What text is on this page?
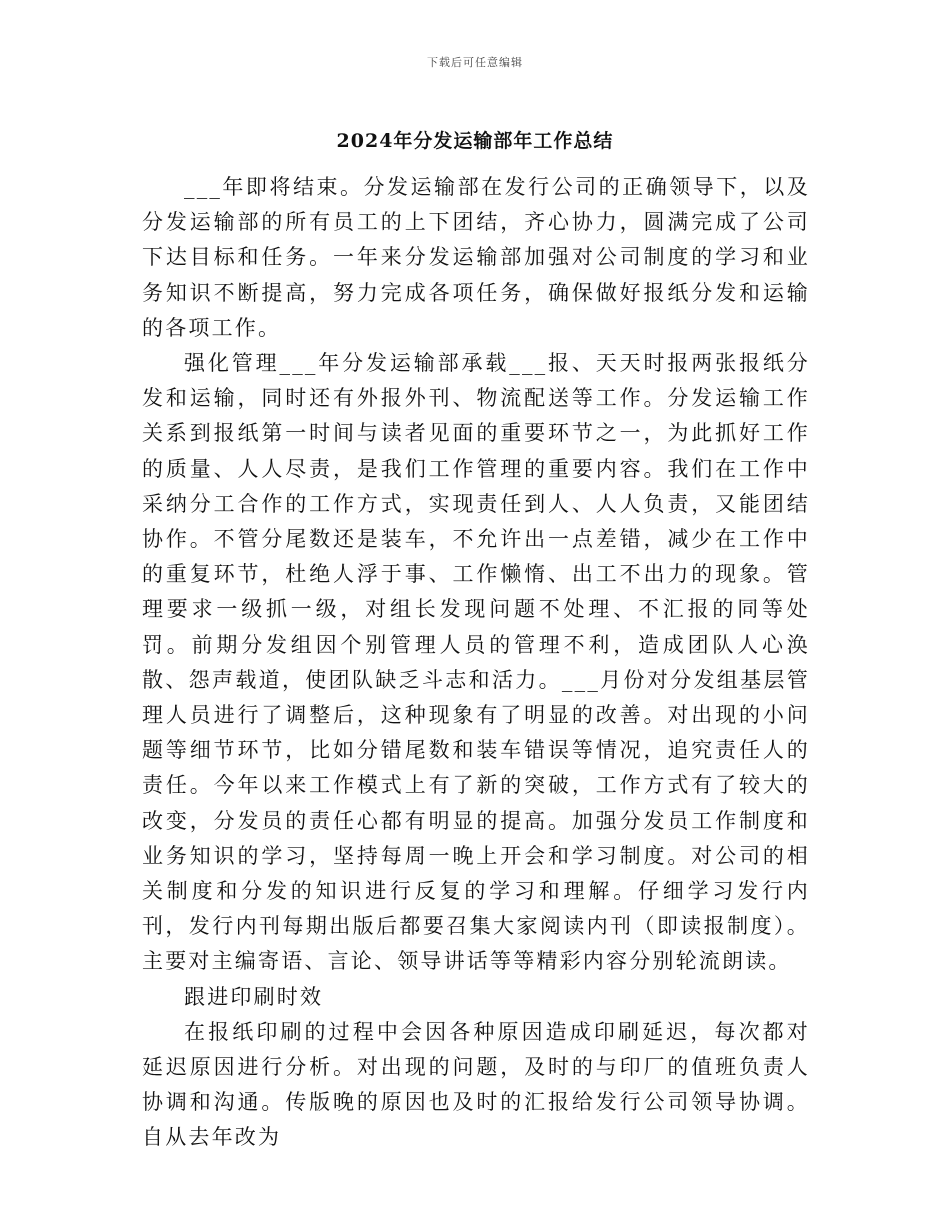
下载后可任意编辑
2024年分发运输部年工作总结

___年即将结束。分发运输部在发行公司的正确领导下，以及分发运输部的所有员工的上下团结，齐心协力，圆满完成了公司下达目标和任务。一年来分发运输部加强对公司制度的学习和业务知识不断提高，努力完成各项任务，确保做好报纸分发和运输的各项工作。

强化管理___年分发运输部承载___报、天天时报两张报纸分发和运输，同时还有外报外刊、物流配送等工作。分发运输工作关系到报纸第一时间与读者见面的重要环节之一，为此抓好工作的质量、人人尽责，是我们工作管理的重要内容。我们在工作中采纳分工合作的工作方式，实现责任到人、人人负责，又能团结协作。不管分尾数还是装车，不允许出一点差错，减少在工作中的重复环节，杜绝人浮于事、工作懒惰、出工不出力的现象。管理要求一级抓一级，对组长发现问题不处理、不汇报的同等处罚。前期分发组因个别管理人员的管理不利，造成团队人心涣散、怨声载道，使团队缺乏斗志和活力。___月份对分发组基层管理人员进行了调整后，这种现象有了明显的改善。对出现的小问题等细节环节，比如分错尾数和装车错误等情况，追究责任人的责任。今年以来工作模式上有了新的突破，工作方式有了较大的改变，分发员的责任心都有明显的提高。加强分发员工作制度和业务知识的学习，坚持每周一晚上开会和学习制度。对公司的相关制度和分发的知识进行反复的学习和理解。仔细学习发行内刊，发行内刊每期出版后都要召集大家阅读内刊（即读报制度）。主要对主编寄语、言论、领导讲话等等精彩内容分别轮流朗读。

跟进印刷时效

在报纸印刷的过程中会因各种原因造成印刷延迟，每次都对延迟原因进行分析。对出现的问题，及时的与印厂的值班负责人协调和沟通。传版晚的原因也及时的汇报给发行公司领导协调。自从去年改为
